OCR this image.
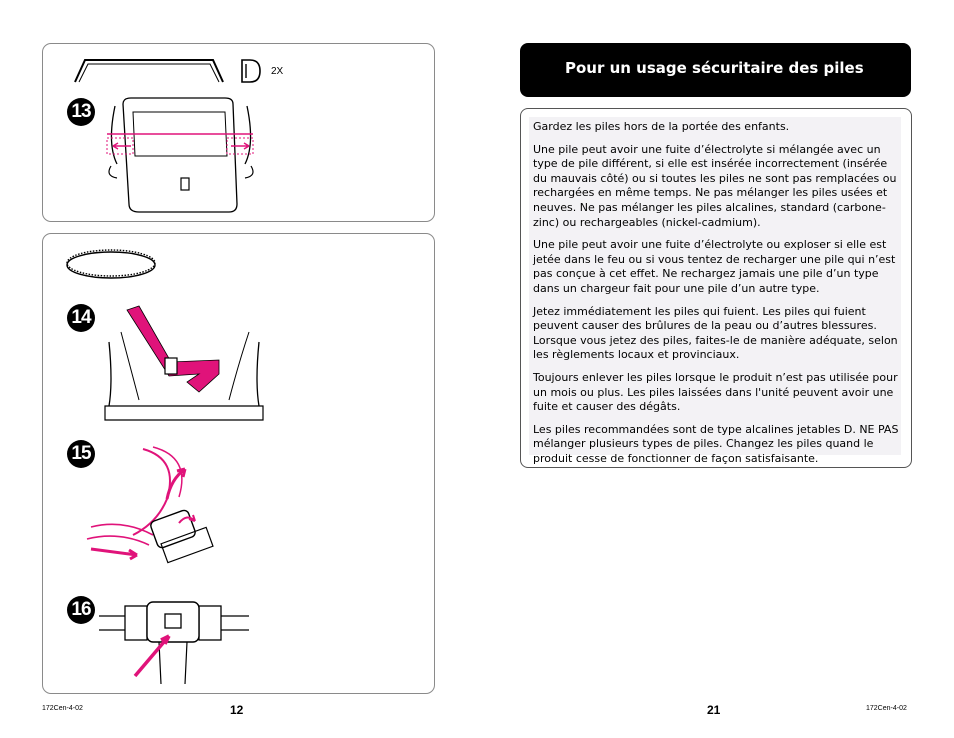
13
2X
14
15
16
172Cen-4-02	12
Pour un usage sécuritaire des piles

Gardez les piles hors de la portée des enfants.

Une pile peut avoir une fuite d’électrolyte si mélangée avec un type de pile différent, si elle est insérée incorrectement (insérée du mauvais côté) ou si toutes les piles ne sont pas remplacées ou rechargées en même temps. Ne pas mélanger les piles usées et neuves. Ne pas mélanger les piles alcalines, standard (carbone-zinc) ou rechargeables (nickel-cadmium).

Une pile peut avoir une fuite d’électrolyte ou exploser si elle est jetée dans le feu ou si vous tentez de recharger une pile qui n’est pas conçue à cet effet. Ne rechargez jamais une pile d’un type dans un chargeur fait pour une pile d’un autre type.

Jetez immédiatement les piles qui fuient. Les piles qui fuient peuvent causer des brûlures de la peau ou d’autres blessures. Lorsque vous jetez des piles, faites-le de manière adéquate, selon les règlements locaux et provinciaux.

Toujours enlever les piles lorsque le produit n’est pas utilisée pour un mois ou plus. Les piles laissées dans l'unité peuvent avoir une fuite et causer des dégâts.

Les piles recommandées sont de type alcalines jetables D. NE PAS mélanger plusieurs types de piles. Changez les piles quand le produit cesse de fonctionner de façon satisfaisante.

21	172Cen-4-02
